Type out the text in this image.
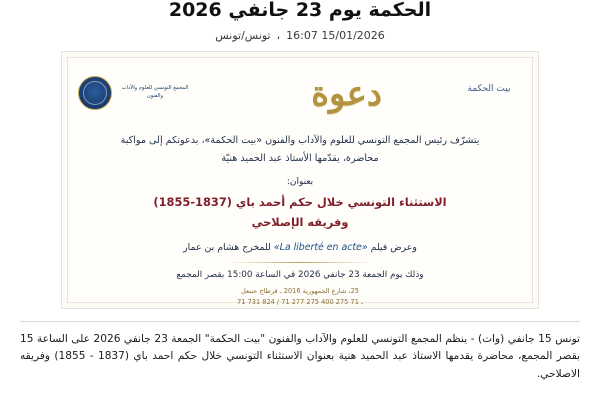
الحكمة يوم 23 جانفي 2026
15/01/2026 16:07
،
تونس/تونس
المجمع التونسي للعلوم والآداب والفنون
بيت الحكمة
دعوة
يتشرّف رئيس المجمع التونسي للعلوم والآداب والفنون «بيت الحكمة»، بدعوتكم إلى مواكبة محاضرة، يقدّمها الأستاذ عبد الحميد هنيّة
بعنوان:
الاستثناء التونسي خلال حكم أحمد باي (1837-1855)
وفريقه الإصلاحي
وعرض فيلم «La liberté en acte» للمخرج هشام بن عمار
وذلك يوم الجمعة 23 جانفي 2026 في الساعة 15:00 بقصر المجمع
25، شارع الجمهورية 2016 ـ قرطاج حنبعل
71 731 824 / 71 277 275 ـ 71 275 400
تونس 15 جانفي (وات) - ينظم المجمع التونسي للعلوم والآداب والفنون "بيت الحكمة" الجمعة 23 جانفي 2026 على الساعة 15 بقصر المجمع، محاضرة يقدمها الاستاذ عبد الحميد هنية بعنوان الاستثناء التونسي خلال حكم احمد باي (1837 - 1855) وفريقه الاصلاحي.
